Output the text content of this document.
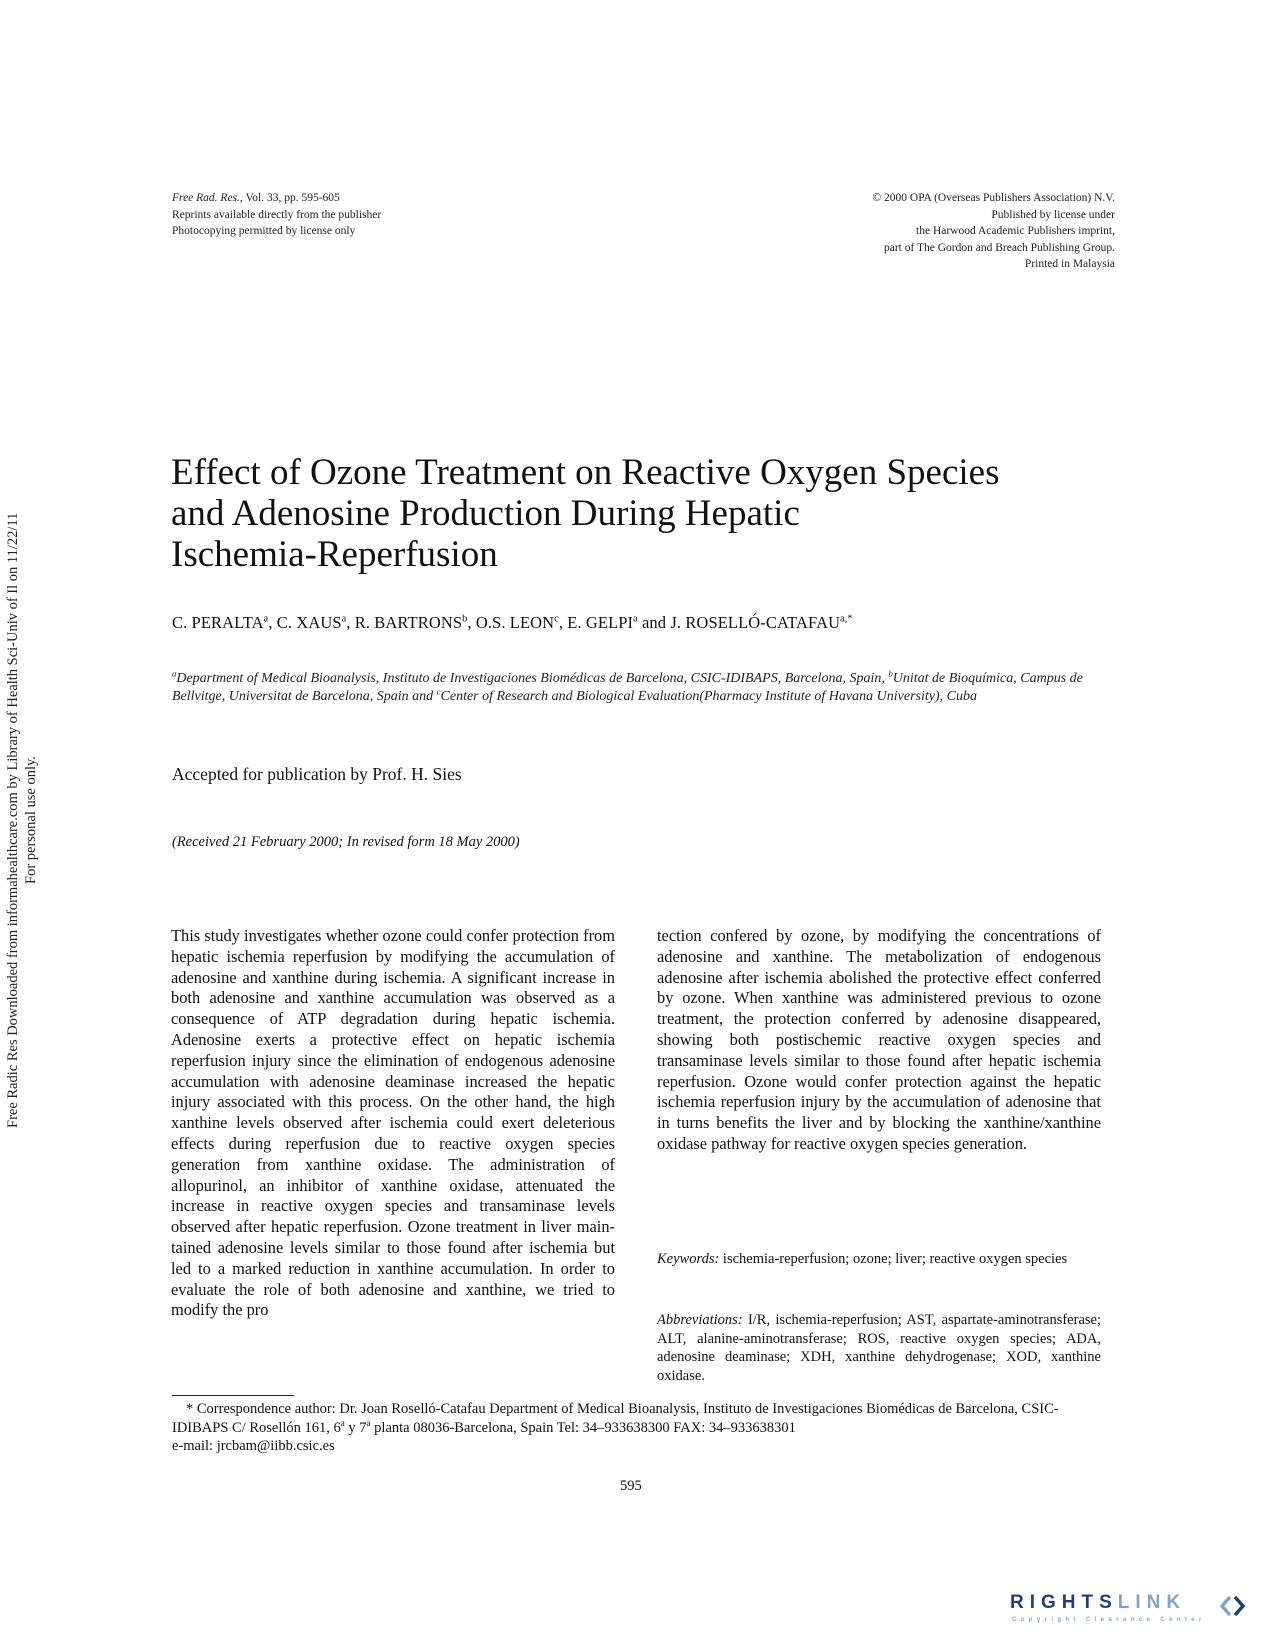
Free Radic Res Downloaded from informahealthcare.com by Library of Health Sci-Univ of Il on 11/22/11 For personal use only.
Free Rad. Res., Vol. 33, pp. 595-605
Reprints available directly from the publisher
Photocopying permitted by license only
© 2000 OPA (Overseas Publishers Association) N.V.
Published by license under
the Harwood Academic Publishers imprint,
part of The Gordon and Breach Publishing Group.
Printed in Malaysia
Effect of Ozone Treatment on Reactive Oxygen Species
and Adenosine Production During Hepatic
Ischemia-Reperfusion
C. PERALTA$^a$, C. XAUS$^a$, R. BARTRONS$^b$, O.S. LEON$^c$, E. GELPI$^a$ and J. ROSELLÓ-$CATAFAU^{a,*}$
$^a$Department of Medical Bioanalysis, Instituto de Investigaciones Biomédicas de Barcelona, CSIC-IDIBAPS, Barcelona, Spain, $^b$Unitat de Bioquímica, Campus de Bellvitge, Universitat de Barcelona, Spain and $^c$Center of Research and Biological Evaluation(Pharmacy Institute of Havana University), Cuba
Accepted for publication by Prof. H. Sies
(Received 21 February 2000; In revised form 18 May 2000)

This study investigates whether ozone could confer protection from hepatic ischemia reperfusion by modifying the accumulation of adenosine and xanthine during ischemia. A significant increase in both adenosine and xanthine accumulation was observed as a consequence of ATP degradation during hepatic ischemia. Adenosine exerts a protective effect on hepatic ischemia reperfusion injury since the elimination of endogenous adenosine accumulation with adenosine deaminase increased the hepatic injury associated with this process. On the other hand, the high xanthine levels observed after ischemia could exert deleterious effects during reperfusion due to reactive oxygen species generation from xanthine oxidase. The administration of allopurinol, an inhibitor of xanthine oxidase, attenuated the increase in reactive oxygen species and transaminase levels observed after hepatic reperfusion. Ozone treatment in liver maintained adenosine levels similar to those found after ischemia but led to a marked reduction in xanthine accumulation. In order to evaluate the role of both adenosine and xanthine, we tried to modify the pro

tection confered by ozone, by modifying the concentrations of adenosine and xanthine. The metabolization of endogenous adenosine after ischemia abolished the protective effect conferred by ozone. When xanthine was administered previous to ozone treatment, the protection conferred by adenosine disappeared, showing both postischemic reactive oxygen species and transaminase levels similar to those found after hepatic ischemia reperfusion. Ozone would confer protection against the hepatic ischemia reperfusion injury by the accumulation of adenosine that in turns benefits the liver and by blocking the xanthine/xanthine oxidase pathway for reactive oxygen species generation.

Keywords: ischemia-reperfusion; ozone; liver; reactive oxygen species
Abbreviations: I/R, ischemia-reperfusion; AST, aspartate-aminotransferase; ALT, alanine-aminotransferase; ROS, reactive oxygen species; ADA, adenosine deaminase; XDH, xanthine dehydrogenase; XOD, xanthine oxidase.
* Correspondence author: Dr. Joan Roselló-Catafau Department of Medical Bioanalysis, Instituto de Investigaciones Biomédicas de Barcelona, CSIC-IDIBAPS C/ Rosellón 161, 6$^a$ y 7$^a$ planta 08036-Barcelona, Spain Tel: 34–933638300 FAX: 34–933638301
e-mail: jrcbam@iibb.csic.es
595
RIGHTSLINK
Copyright Clearance Center
